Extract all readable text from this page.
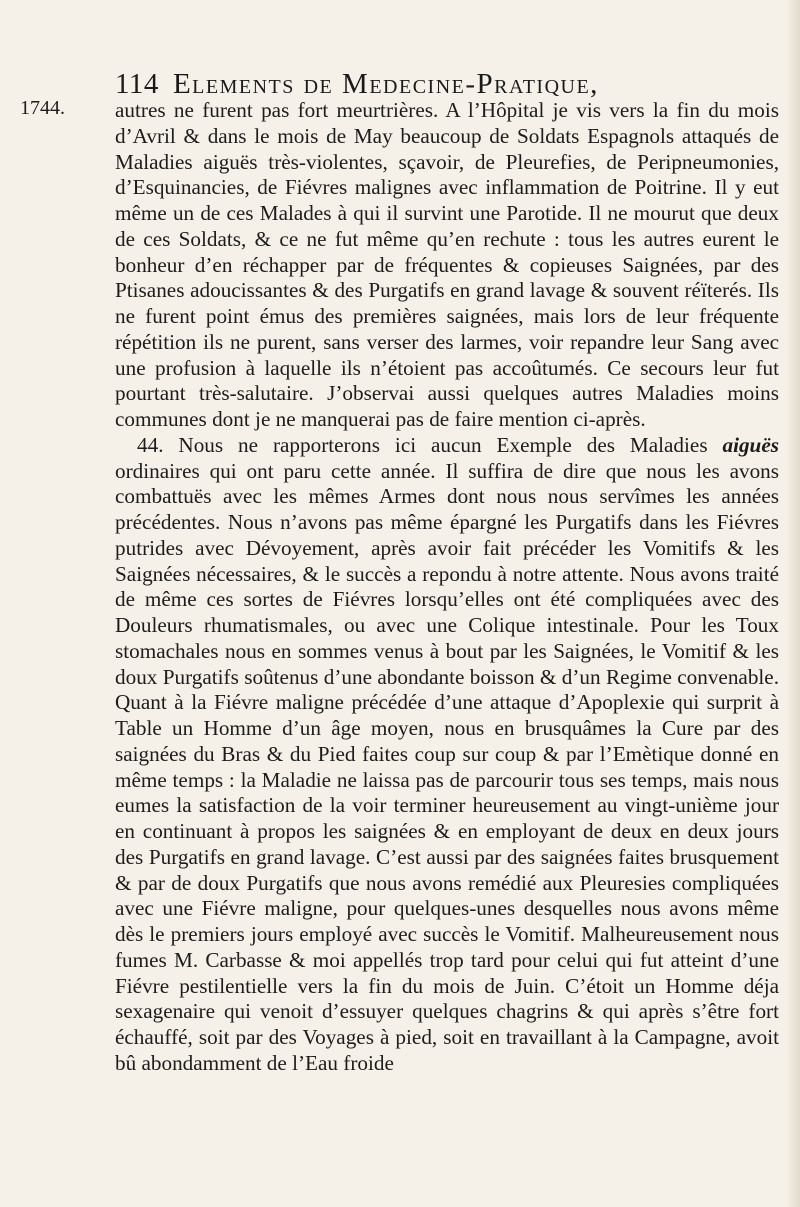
1744.
114 Elements de Medecine-Pratique,

autres ne furent pas fort meurtrières. A l’Hôpital je vis vers la fin du mois d’Avril & dans le mois de May beaucoup de Soldats Espagnols attaqués de Maladies aiguës très-violentes, sçavoir, de Pleurefies, de Peripneumonies, d’Esquinancies, de Fiévres malignes avec inflammation de Poitrine. Il y eut même un de ces Malades à qui il survint une Parotide. Il ne mourut que deux de ces Soldats, & ce ne fut même qu’en rechute : tous les autres eurent le bonheur d’en réchapper par de fréquentes & copieuses Saignées, par des Ptisanes adoucissantes & des Purgatifs en grand lavage & souvent réïterés. Ils ne furent point émus des premières saignées, mais lors de leur fréquente répétition ils ne purent, sans verser des larmes, voir repandre leur Sang avec une profusion à laquelle ils n’étoient pas accoûtumés. Ce secours leur fut pourtant très-salutaire. J’observai aussi quelques autres Maladies moins communes dont je ne manquerai pas de faire mention ci-après.

44. Nous ne rapporterons ici aucun Exemple des Maladies aiguës ordinaires qui ont paru cette année. Il suffira de dire que nous les avons combattuës avec les mêmes Armes dont nous nous servîmes les années précédentes. Nous n’avons pas même épargné les Purgatifs dans les Fiévres putrides avec Dévoyement, après avoir fait précéder les Vomitifs & les Saignées nécessaires, & le succès a repondu à notre attente. Nous avons traité de même ces sortes de Fiévres lorsqu’elles ont été compliquées avec des Douleurs rhumatismales, ou avec une Colique intestinale. Pour les Toux stomachales nous en sommes venus à bout par les Saignées, le Vomitif & les doux Purgatifs soûtenus d’une abondante boisson & d’un Regime convenable. Quant à la Fiévre maligne précédée d’une attaque d’Apoplexie qui surprit à Table un Homme d’un âge moyen, nous en brusquâmes la Cure par des saignées du Bras & du Pied faites coup sur coup & par l’Emètique donné en même temps : la Maladie ne laissa pas de parcourir tous ses temps, mais nous eumes la satisfaction de la voir terminer heureusement au vingt-unième jour en continuant à propos les saignées & en employant de deux en deux jours des Purgatifs en grand lavage. C’est aussi par des saignées faites brusquement & par de doux Purgatifs que nous avons remédié aux Pleuresies compliquées avec une Fiévre maligne, pour quelques-unes desquelles nous avons même dès le premiers jours employé avec succès le Vomitif. Malheureusement nous fumes M. Carbasse & moi appellés trop tard pour celui qui fut atteint d’une Fiévre pestilentielle vers la fin du mois de Juin. C’étoit un Homme déja sexagenaire qui venoit d’essuyer quelques chagrins & qui après s’être fort échauffé, soit par des Voyages à pied, soit en travaillant à la Campagne, avoit bû abondamment de l’Eau froide
